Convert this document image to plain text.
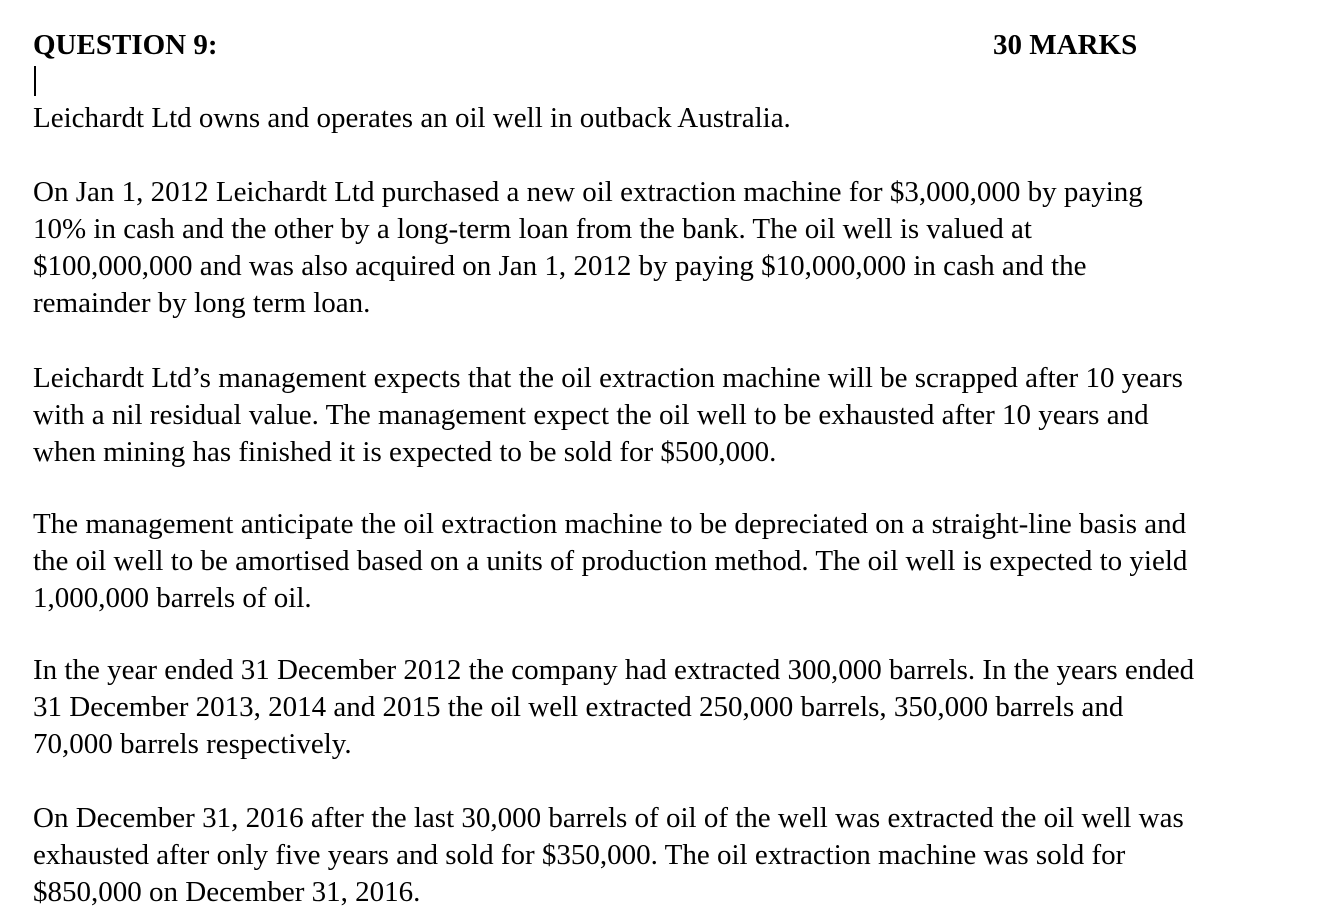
QUESTION 9:	30 MARKS

Leichardt Ltd owns and operates an oil well in outback Australia.

On Jan 1, 2012 Leichardt Ltd purchased a new oil extraction machine for $3,000,000 by paying
10% in cash and the other by a long-term loan from the bank. The oil well is valued at
$100,000,000 and was also acquired on Jan 1, 2012 by paying $10,000,000 in cash and the
remainder by long term loan.

Leichardt Ltd’s management expects that the oil extraction machine will be scrapped after 10 years
with a nil residual value. The management expect the oil well to be exhausted after 10 years and
when mining has finished it is expected to be sold for $500,000.

The management anticipate the oil extraction machine to be depreciated on a straight-line basis and
the oil well to be amortised based on a units of production method. The oil well is expected to yield
1,000,000 barrels of oil.

In the year ended 31 December 2012 the company had extracted 300,000 barrels. In the years ended
31 December 2013, 2014 and 2015 the oil well extracted 250,000 barrels, 350,000 barrels and
70,000 barrels respectively.

On December 31, 2016 after the last 30,000 barrels of oil of the well was extracted the oil well was
exhausted after only five years and sold for $350,000. The oil extraction machine was sold for
$850,000 on December 31, 2016.
